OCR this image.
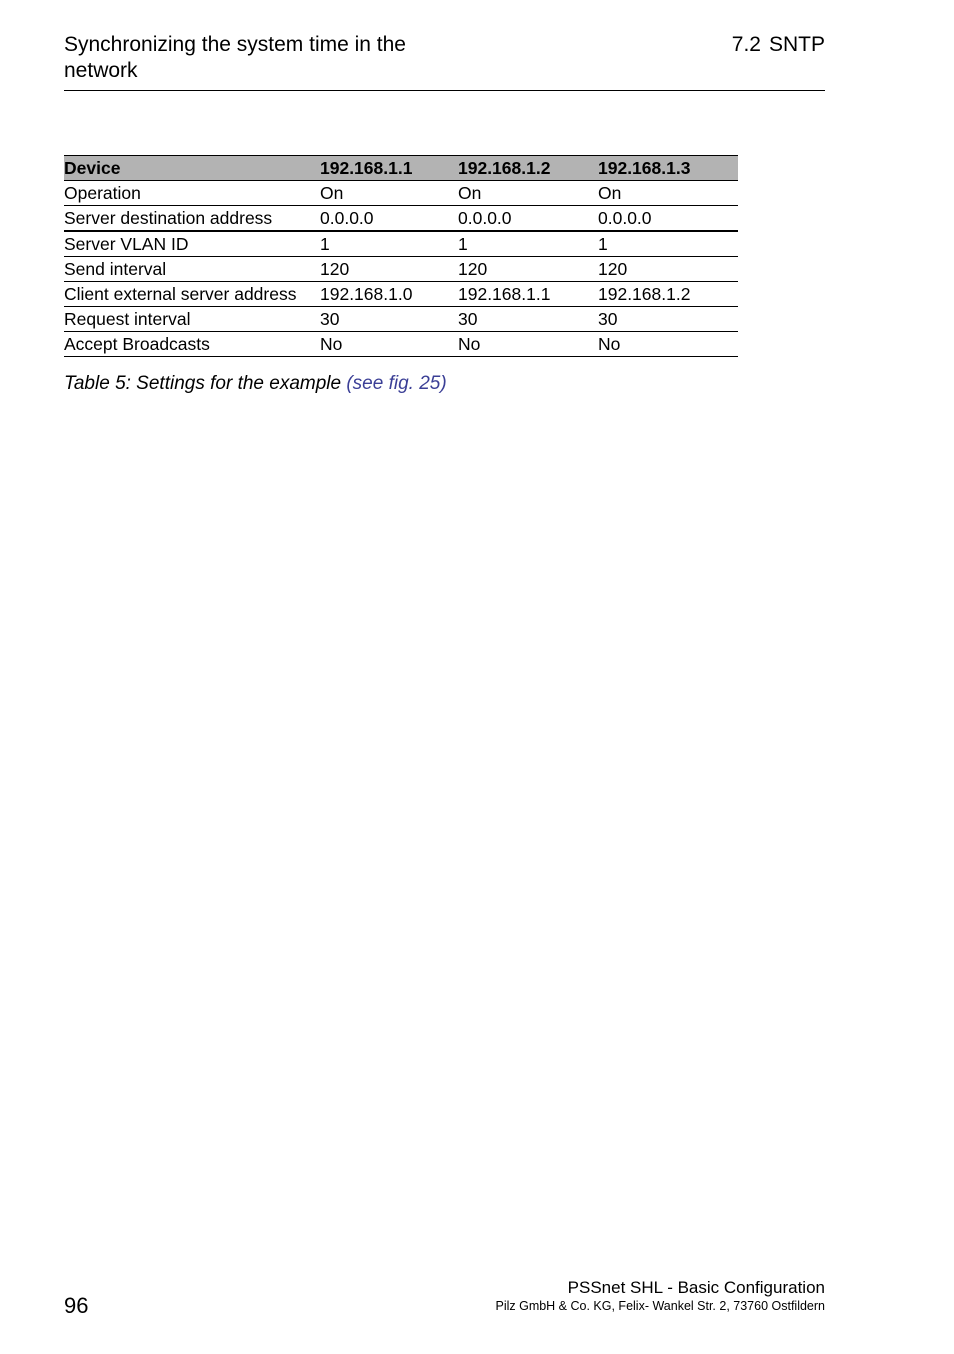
Synchronizing the system time in the network
7.2 SNTP
Device	192.168.1.1	192.168.1.2	192.168.1.3
Operation	On	On	On
Server destination address	0.0.0.0	0.0.0.0	0.0.0.0
Server VLAN ID	1	1	1
Send interval	120	120	120
Client external server address	192.168.1.0	192.168.1.1	192.168.1.2
Request interval	30	30	30
Accept Broadcasts	No	No	No
Table 5: Settings for the example (see fig. 25)
96
PSSnet SHL - Basic Configuration
Pilz GmbH & Co. KG, Felix- Wankel Str. 2, 73760 Ostfildern
